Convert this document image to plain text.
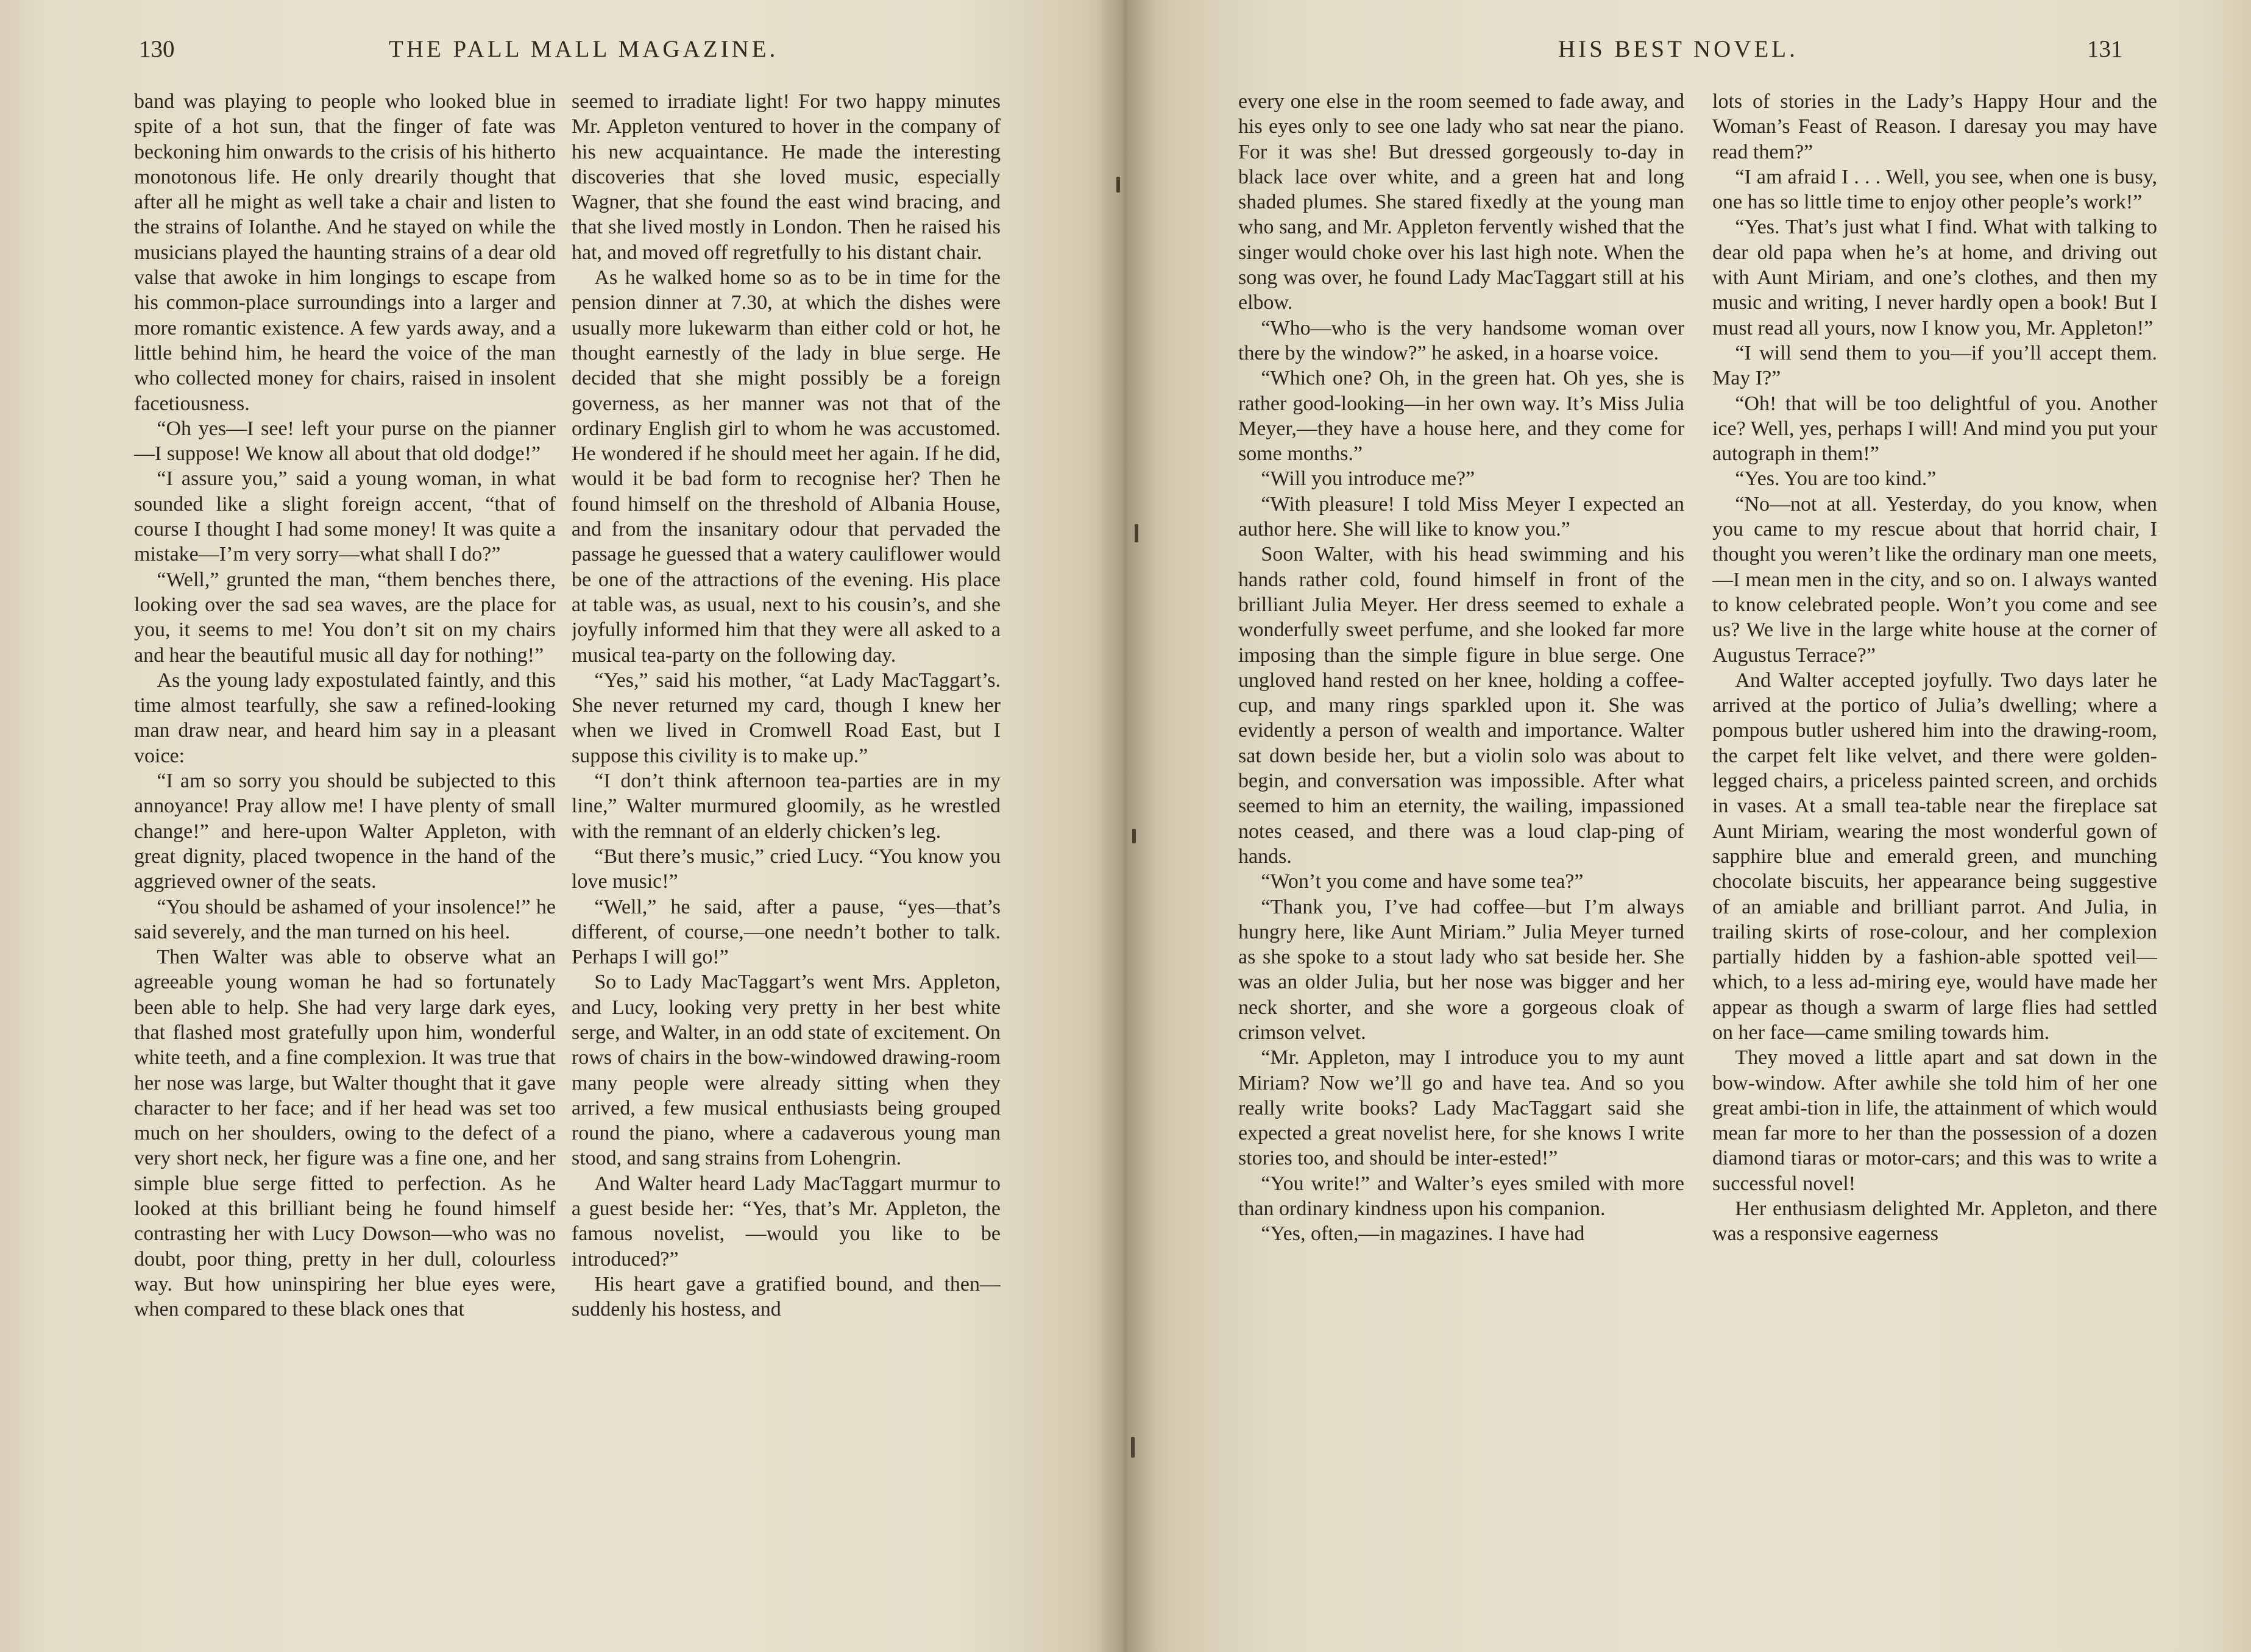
130	THE PALL MALL MAGAZINE.

band was playing to people who looked blue in spite of a hot sun, that the finger of fate was beckoning him onwards to the crisis of his hitherto monotonous life. He only drearily thought that after all he might as well take a chair and listen to the strains of Iolanthe. And he stayed on while the musicians played the haunting strains of a dear old valse that awoke in him longings to escape from his common-place surroundings into a larger and more romantic existence. A few yards away, and a little behind him, he heard the voice of the man who collected money for chairs, raised in insolent facetiousness.

“Oh yes—I see! left your purse on the pianner—I suppose! We know all about that old dodge!”

“I assure you,” said a young woman, in what sounded like a slight foreign accent, “that of course I thought I had some money! It was quite a mistake—I’m very sorry—what shall I do?”

“Well,” grunted the man, “them benches there, looking over the sad sea waves, are the place for you, it seems to me! You don’t sit on my chairs and hear the beautiful music all day for nothing!”

As the young lady expostulated faintly, and this time almost tearfully, she saw a refined-looking man draw near, and heard him say in a pleasant voice:

“I am so sorry you should be subjected to this annoyance! Pray allow me! I have plenty of small change!” and here-upon Walter Appleton, with great dignity, placed twopence in the hand of the aggrieved owner of the seats.

“You should be ashamed of your insolence!” he said severely, and the man turned on his heel.

Then Walter was able to observe what an agreeable young woman he had so fortunately been able to help. She had very large dark eyes, that flashed most gratefully upon him, wonderful white teeth, and a fine complexion. It was true that her nose was large, but Walter thought that it gave character to her face; and if her head was set too much on her shoulders, owing to the defect of a very short neck, her figure was a fine one, and her simple blue serge fitted to perfection. As he looked at this brilliant being he found himself contrasting her with Lucy Dowson—who was no doubt, poor thing, pretty in her dull, colourless way. But how uninspiring her blue eyes were, when compared to these black ones that

seemed to irradiate light! For two happy minutes Mr. Appleton ventured to hover in the company of his new acquaintance. He made the interesting discoveries that she loved music, especially Wagner, that she found the east wind bracing, and that she lived mostly in London. Then he raised his hat, and moved off regretfully to his distant chair.

As he walked home so as to be in time for the pension dinner at 7.30, at which the dishes were usually more lukewarm than either cold or hot, he thought earnestly of the lady in blue serge. He decided that she might possibly be a foreign governess, as her manner was not that of the ordinary English girl to whom he was accustomed. He wondered if he should meet her again. If he did, would it be bad form to recognise her? Then he found himself on the threshold of Albania House, and from the insanitary odour that pervaded the passage he guessed that a watery cauliflower would be one of the attractions of the evening. His place at table was, as usual, next to his cousin’s, and she joyfully informed him that they were all asked to a musical tea-party on the following day.

“Yes,” said his mother, “at Lady MacTaggart’s. She never returned my card, though I knew her when we lived in Cromwell Road East, but I suppose this civility is to make up.”

“I don’t think afternoon tea-parties are in my line,” Walter murmured gloomily, as he wrestled with the remnant of an elderly chicken’s leg.

“But there’s music,” cried Lucy. “You know you love music!”

“Well,” he said, after a pause, “yes—that’s different, of course,—one needn’t bother to talk. Perhaps I will go!”

So to Lady MacTaggart’s went Mrs. Appleton, and Lucy, looking very pretty in her best white serge, and Walter, in an odd state of excitement. On rows of chairs in the bow-windowed drawing-room many people were already sitting when they arrived, a few musical enthusiasts being grouped round the piano, where a cadaverous young man stood, and sang strains from Lohengrin.

And Walter heard Lady MacTaggart murmur to a guest beside her: “Yes, that’s Mr. Appleton, the famous novelist, —would you like to be introduced?”

His heart gave a gratified bound, and then—suddenly his hostess, and

HIS BEST NOVEL.	131

every one else in the room seemed to fade away, and his eyes only to see one lady who sat near the piano. For it was she! But dressed gorgeously to-day in black lace over white, and a green hat and long shaded plumes. She stared fixedly at the young man who sang, and Mr. Appleton fervently wished that the singer would choke over his last high note. When the song was over, he found Lady MacTaggart still at his elbow.

“Who—who is the very handsome woman over there by the window?” he asked, in a hoarse voice.

“Which one? Oh, in the green hat. Oh yes, she is rather good-looking—in her own way. It’s Miss Julia Meyer,—they have a house here, and they come for some months.”

“Will you introduce me?”

“With pleasure! I told Miss Meyer I expected an author here. She will like to know you.”

Soon Walter, with his head swimming and his hands rather cold, found himself in front of the brilliant Julia Meyer. Her dress seemed to exhale a wonderfully sweet perfume, and she looked far more imposing than the simple figure in blue serge. One ungloved hand rested on her knee, holding a coffee-cup, and many rings sparkled upon it. She was evidently a person of wealth and importance. Walter sat down beside her, but a violin solo was about to begin, and conversation was impossible. After what seemed to him an eternity, the wailing, impassioned notes ceased, and there was a loud clap-ping of hands.

“Won’t you come and have some tea?”

“Thank you, I’ve had coffee—but I’m always hungry here, like Aunt Miriam.” Julia Meyer turned as she spoke to a stout lady who sat beside her. She was an older Julia, but her nose was bigger and her neck shorter, and she wore a gorgeous cloak of crimson velvet.

“Mr. Appleton, may I introduce you to my aunt Miriam? Now we’ll go and have tea. And so you really write books? Lady MacTaggart said she expected a great novelist here, for she knows I write stories too, and should be inter-ested!”

“You write!” and Walter’s eyes smiled with more than ordinary kindness upon his companion.

“Yes, often,—in magazines. I have had

lots of stories in the Lady’s Happy Hour and the Woman’s Feast of Reason. I daresay you may have read them?”

“I am afraid I . . . Well, you see, when one is busy, one has so little time to enjoy other people’s work!”

“Yes. That’s just what I find. What with talking to dear old papa when he’s at home, and driving out with Aunt Miriam, and one’s clothes, and then my music and writing, I never hardly open a book! But I must read all yours, now I know you, Mr. Appleton!”

“I will send them to you—if you’ll accept them. May I?”

“Oh! that will be too delightful of you. Another ice? Well, yes, perhaps I will! And mind you put your autograph in them!”

“Yes. You are too kind.”

“No—not at all. Yesterday, do you know, when you came to my rescue about that horrid chair, I thought you weren’t like the ordinary man one meets,—I mean men in the city, and so on. I always wanted to know celebrated people. Won’t you come and see us? We live in the large white house at the corner of Augustus Terrace?”

And Walter accepted joyfully. Two days later he arrived at the portico of Julia’s dwelling; where a pompous butler ushered him into the drawing-room, the carpet felt like velvet, and there were golden-legged chairs, a priceless painted screen, and orchids in vases. At a small tea-table near the fireplace sat Aunt Miriam, wearing the most wonderful gown of sapphire blue and emerald green, and munching chocolate biscuits, her appearance being suggestive of an amiable and brilliant parrot. And Julia, in trailing skirts of rose-colour, and her complexion partially hidden by a fashion-able spotted veil—which, to a less ad-miring eye, would have made her appear as though a swarm of large flies had settled on her face—came smiling towards him.

They moved a little apart and sat down in the bow-window. After awhile she told him of her one great ambi-tion in life, the attainment of which would mean far more to her than the possession of a dozen diamond tiaras or motor-cars; and this was to write a successful novel!

Her enthusiasm delighted Mr. Appleton, and there was a responsive eagerness
